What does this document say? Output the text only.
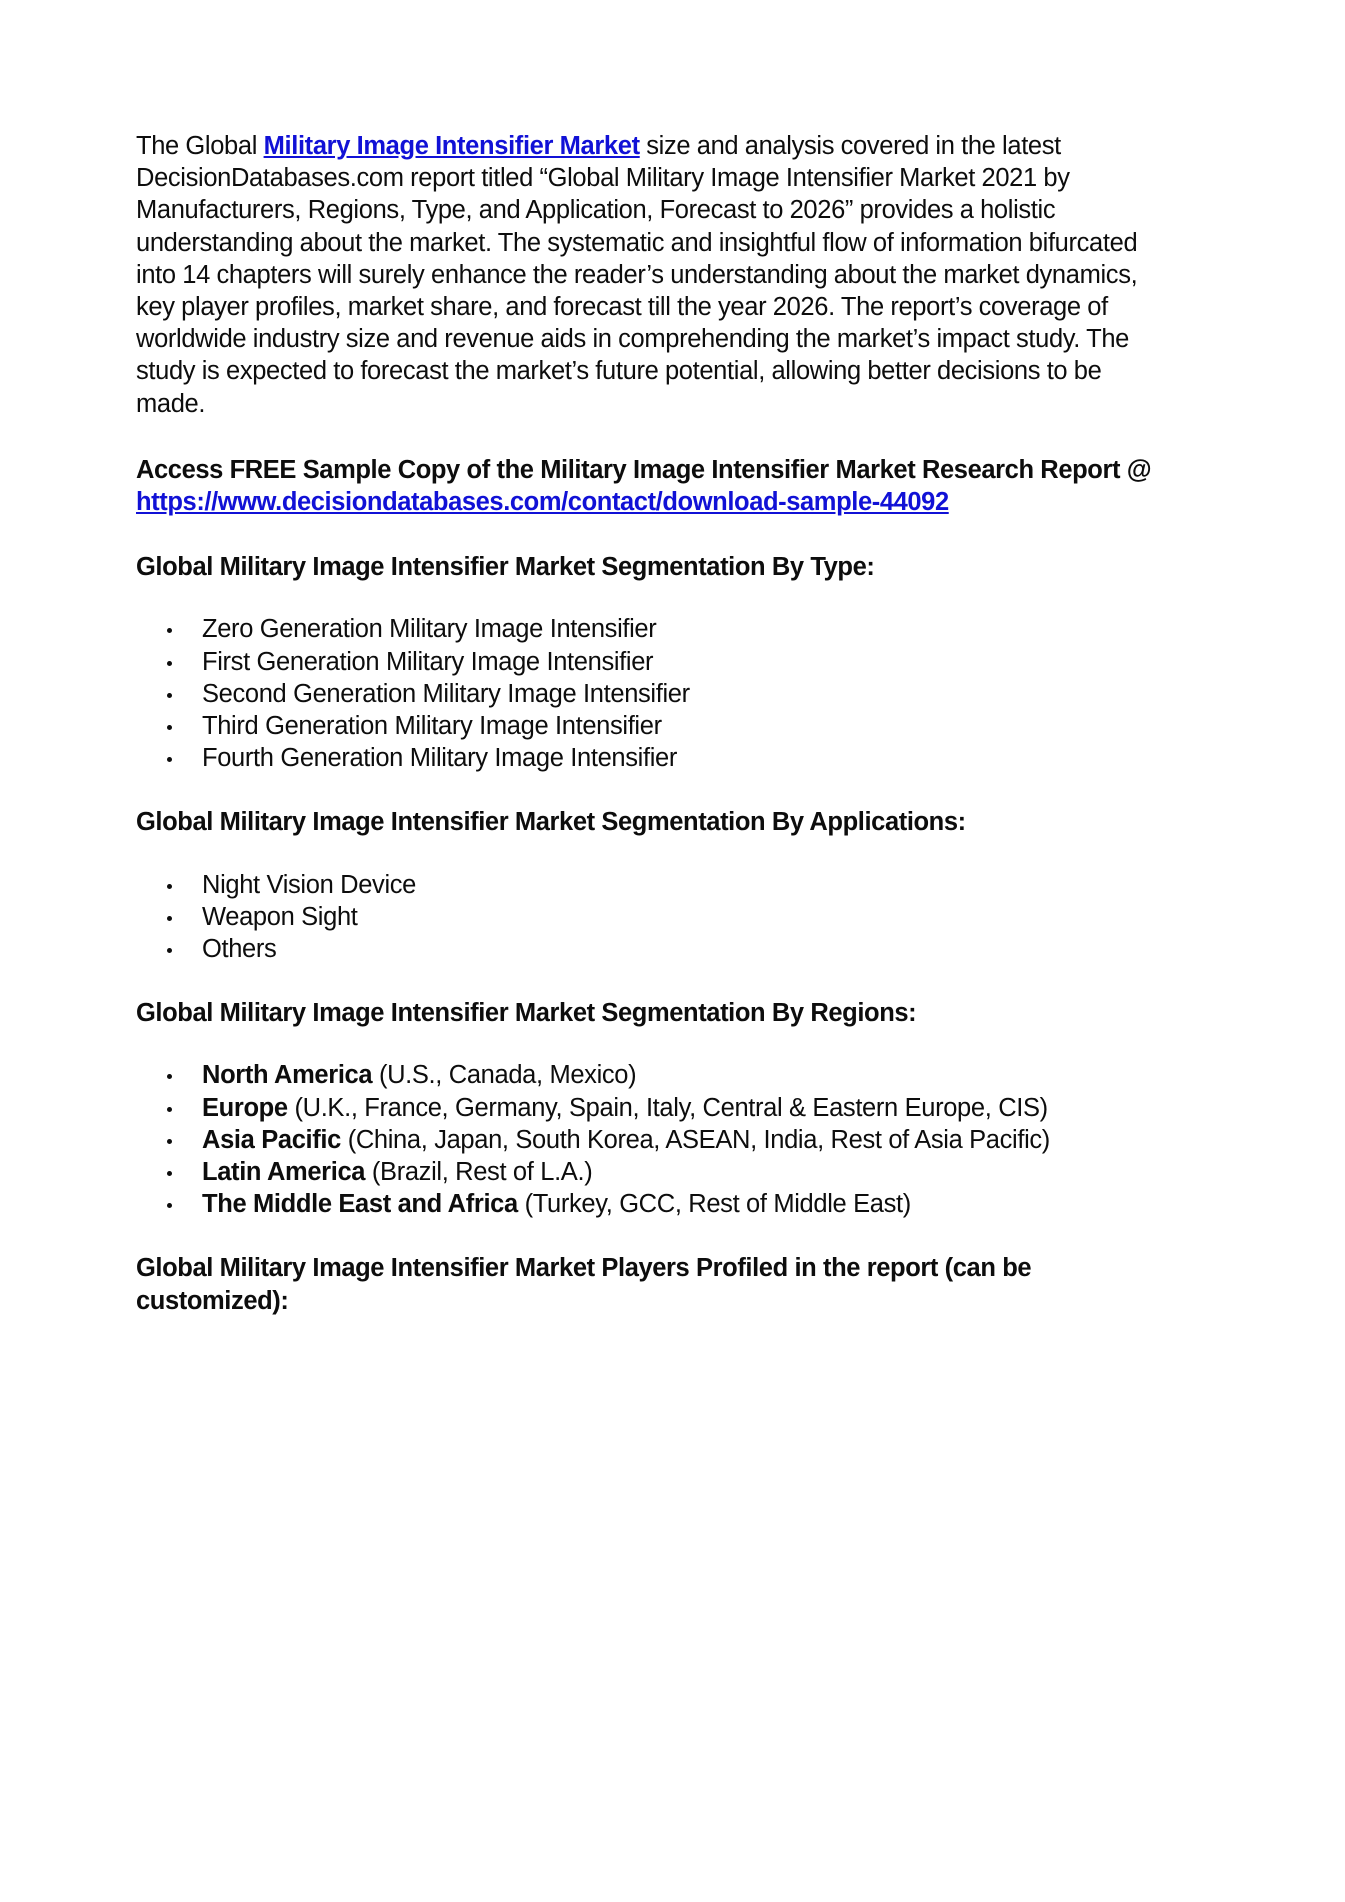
The Global Military Image Intensifier Market size and analysis covered in the latest DecisionDatabases.com report titled “Global Military Image Intensifier Market 2021 by Manufacturers, Regions, Type, and Application, Forecast to 2026” provides a holistic understanding about the market. The systematic and insightful flow of information bifurcated into 14 chapters will surely enhance the reader’s understanding about the market dynamics, key player profiles, market share, and forecast till the year 2026. The report’s coverage of worldwide industry size and revenue aids in comprehending the market’s impact study. The study is expected to forecast the market’s future potential, allowing better decisions to be made.

Access FREE Sample Copy of the Military Image Intensifier Market Research Report @ https://www.decisiondatabases.com/contact/download-sample-44092
Global Military Image Intensifier Market Segmentation By Type:
Zero Generation Military Image Intensifier
First Generation Military Image Intensifier
Second Generation Military Image Intensifier
Third Generation Military Image Intensifier
Fourth Generation Military Image Intensifier
Global Military Image Intensifier Market Segmentation By Applications:
Night Vision Device
Weapon Sight
Others
Global Military Image Intensifier Market Segmentation By Regions:
North America (U.S., Canada, Mexico)
Europe (U.K., France, Germany, Spain, Italy, Central & Eastern Europe, CIS)
Asia Pacific (China, Japan, South Korea, ASEAN, India, Rest of Asia Pacific)
Latin America (Brazil, Rest of L.A.)
The Middle East and Africa (Turkey, GCC, Rest of Middle East)
Global Military Image Intensifier Market Players Profiled in the report (can be customized):
